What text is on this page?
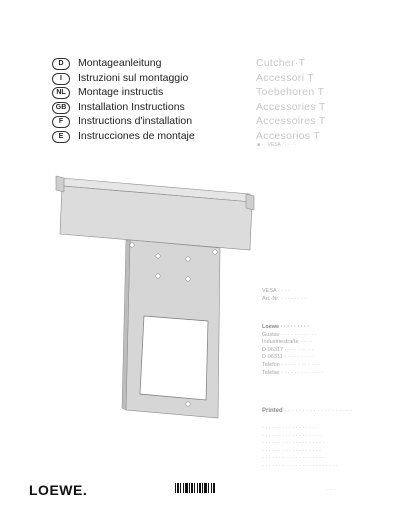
D	Montageanleitung	Cutcher·T
I	Istruzioni sul montaggio	Accessori T
NL	Montage instructis	Toebehoren T
GB	Installation Instructions	Accessories T
F	Instructions d'installation	Accessoires T
E	Instrucciones de montaje	Accesorios T
■ · · VESA · · · · ·
VESA · · · ·
Art.-Nr. · · · · · · · ·
Loewe · · · · · · · · ·
Gustav · · · · · · · · · · ·
Industriestraße · · · ·
D-96317 · · · · · · · · ·
D-96311 · · · · · · · · ·
Telefon · · · · · · · · · · · ·
Telefax · · · · · · · · · · · · ·
Printed · · · · · · · · · · · · · · · · · · ·
· · · · · · · · · · · · · · · · ·
· · · · · · · · · · · · · · · · · ·
· · · · · · · · · · · · · · · · · · ·
· · · · · · · · · · · · · · · · · ·
· · · · · · · · · · · · · · · · · · ·
· · · · · · · · · · · · · · · · · · · · · · ·
LOEWE.	· · ·
